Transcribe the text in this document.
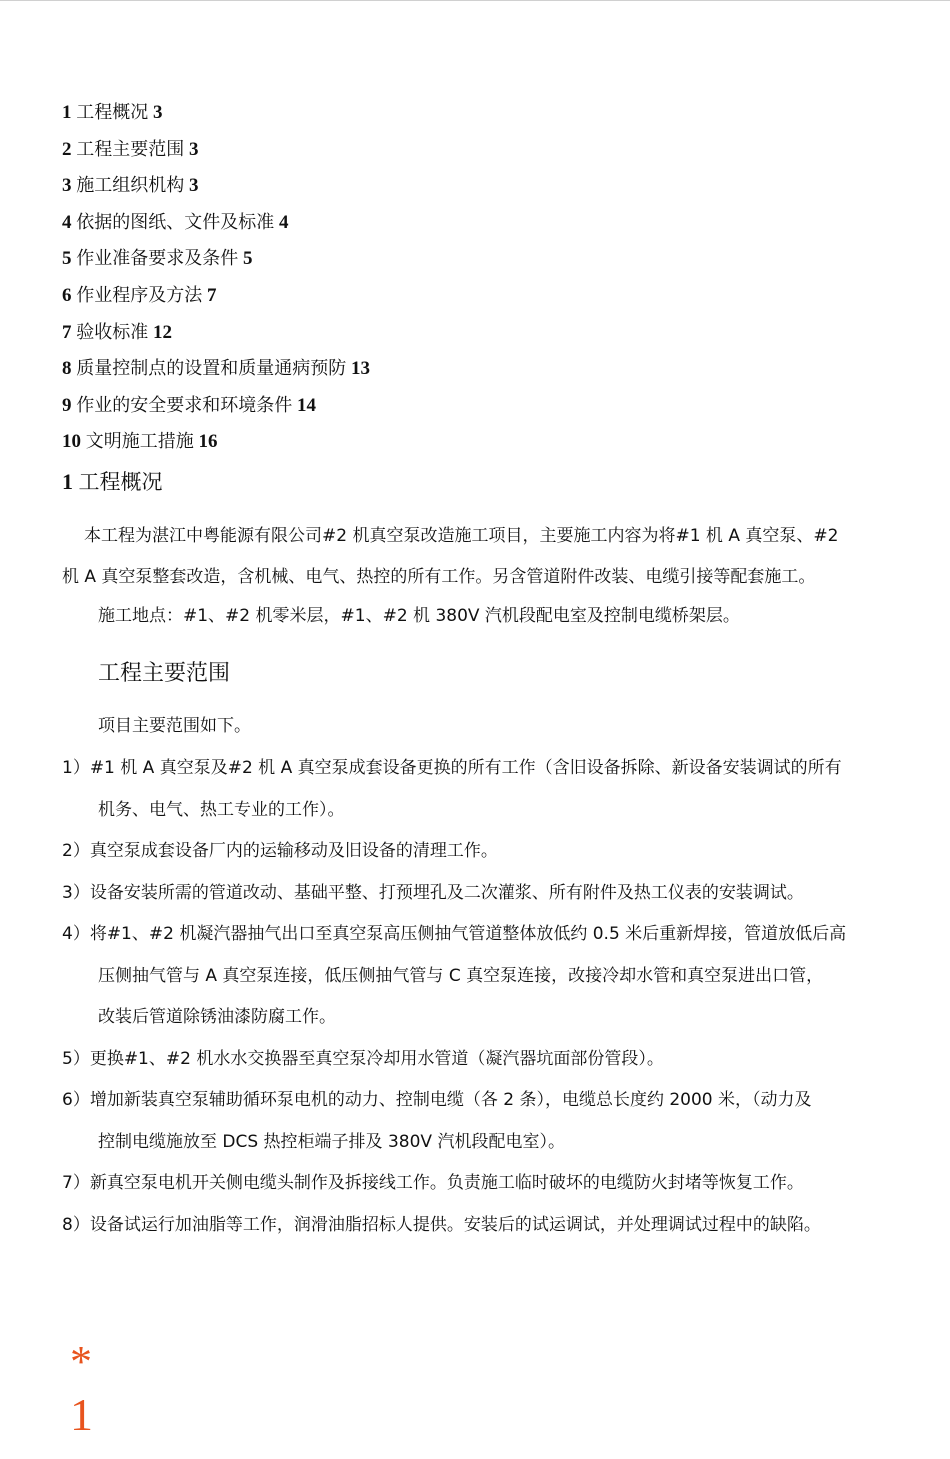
1 工程概况 3
2 工程主要范围 3
3 施工组织机构 3
4 依据的图纸、文件及标准 4
5 作业准备要求及条件 5
6 作业程序及方法 7
7 验收标准 12
8 质量控制点的设置和质量通病预防 13
9 作业的安全要求和环境条件 14
10 文明施工措施 16
1 工程概况
本工程为湛江中粤能源有限公司#2 机真空泵改造施工项目，主要施工内容为将#1 机 A 真空泵、#2
机 A 真空泵整套改造，含机械、电气、热控的所有工作。另含管道附件改装、电缆引接等配套施工。
施工地点：#1、#2 机零米层，#1、#2 机 380V 汽机段配电室及控制电缆桥架层。
工程主要范围
项目主要范围如下。
1）#1 机 A 真空泵及#2 机 A 真空泵成套设备更换的所有工作（含旧设备拆除、新设备安装调试的所有
机务、电气、热工专业的工作）。
2）真空泵成套设备厂内的运输移动及旧设备的清理工作。
3）设备安装所需的管道改动、基础平整、打预埋孔及二次灌浆、所有附件及热工仪表的安装调试。
4）将#1、#2 机凝汽器抽气出口至真空泵高压侧抽气管道整体放低约 0.5 米后重新焊接，管道放低后高
压侧抽气管与 A 真空泵连接，低压侧抽气管与 C 真空泵连接，改接冷却水管和真空泵进出口管，
改装后管道除锈油漆防腐工作。
5）更换#1、#2 机水水交换器至真空泵冷却用水管道（凝汽器坑面部份管段）。
6）增加新装真空泵辅助循环泵电机的动力、控制电缆（各 2 条），电缆总长度约 2000 米，（动力及
控制电缆施放至 DCS 热控柜端子排及 380V 汽机段配电室）。
7）新真空泵电机开关侧电缆头制作及拆接线工作。负责施工临时破坏的电缆防火封堵等恢复工作。
8）设备试运行加油脂等工作，润滑油脂招标人提供。安装后的试运调试，并处理调试过程中的缺陷。
*
1
